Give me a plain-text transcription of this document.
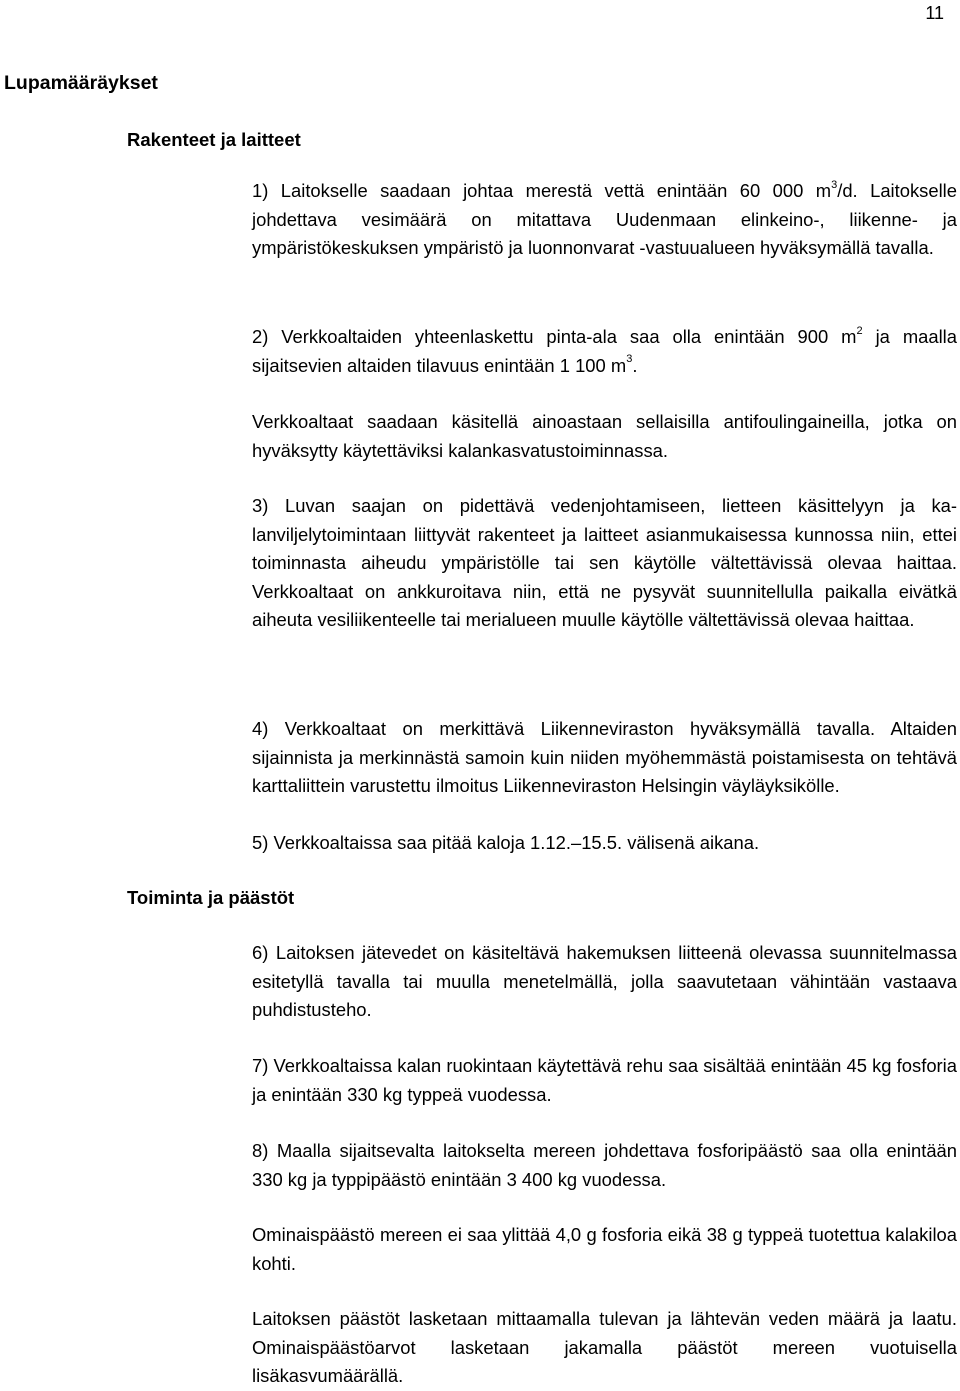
11
Lupamääräykset
Rakenteet ja laitteet

1) Laitokselle saadaan johtaa merestä vettä enintään 60 000 $m^3/d$. Laitokselle johdettava vesimäärä on mitattava Uudenmaan elinkeino-, liikenne- ja ympäristökeskuksen ympäristö ja luonnonvarat -vastuualueen hyväksymällä tavalla.

2) Verkkoaltaiden yhteenlaskettu pinta-ala saa olla enintään 900 $m^2$ ja maalla sijaitsevien altaiden tilavuus enintään 1 100 $m^3$.

Verkkoaltaat saadaan käsitellä ainoastaan sellaisilla antifoulingaineilla, jotka on hyväksytty käytettäviksi kalankasvatustoiminnassa.

3) Luvan saajan on pidettävä vedenjohtamiseen, lietteen käsittelyyn ja kalanviljelytoimintaan liittyvät rakenteet ja laitteet asianmukaisessa kunnossa niin, ettei toiminnasta aiheudu ympäristölle tai sen käytölle vältettävissä olevaa haittaa. Verkkoaltaat on ankkuroitava niin, että ne pysyvät suunnitellulla paikalla eivätkä aiheuta vesiliikenteelle tai merialueen muulle käytölle vältettävissä olevaa haittaa.

4) Verkkoaltaat on merkittävä Liikenneviraston hyväksymällä tavalla. Altaiden sijainnista ja merkinnästä samoin kuin niiden myöhemmästä poistamisesta on tehtävä karttaliittein varustettu ilmoitus Liikenneviraston Helsingin väyläyksikölle.

5) Verkkoaltaissa saa pitää kaloja 1.12.–15.5. välisenä aikana.

Toiminta ja päästöt

6) Laitoksen jätevedet on käsiteltävä hakemuksen liitteenä olevassa suunnitelmassa esitetyllä tavalla tai muulla menetelmällä, jolla saavutetaan vähintään vastaava puhdistusteho.

7) Verkkoaltaissa kalan ruokintaan käytettävä rehu saa sisältää enintään 45 kg fosforia ja enintään 330 kg typpeä vuodessa.

8) Maalla sijaitsevalta laitokselta mereen johdettava fosforipäästö saa olla enintään 330 kg ja typpipäästö enintään 3 400 kg vuodessa.

Ominaispäästö mereen ei saa ylittää 4,0 g fosforia eikä 38 g typpeä tuotettua kalakiloa kohti.

Laitoksen päästöt lasketaan mittaamalla tulevan ja lähtevän veden määrä ja laatu. Ominaispäästöarvot lasketaan jakamalla päästöt mereen vuotuisella lisäkasvumäärällä.
